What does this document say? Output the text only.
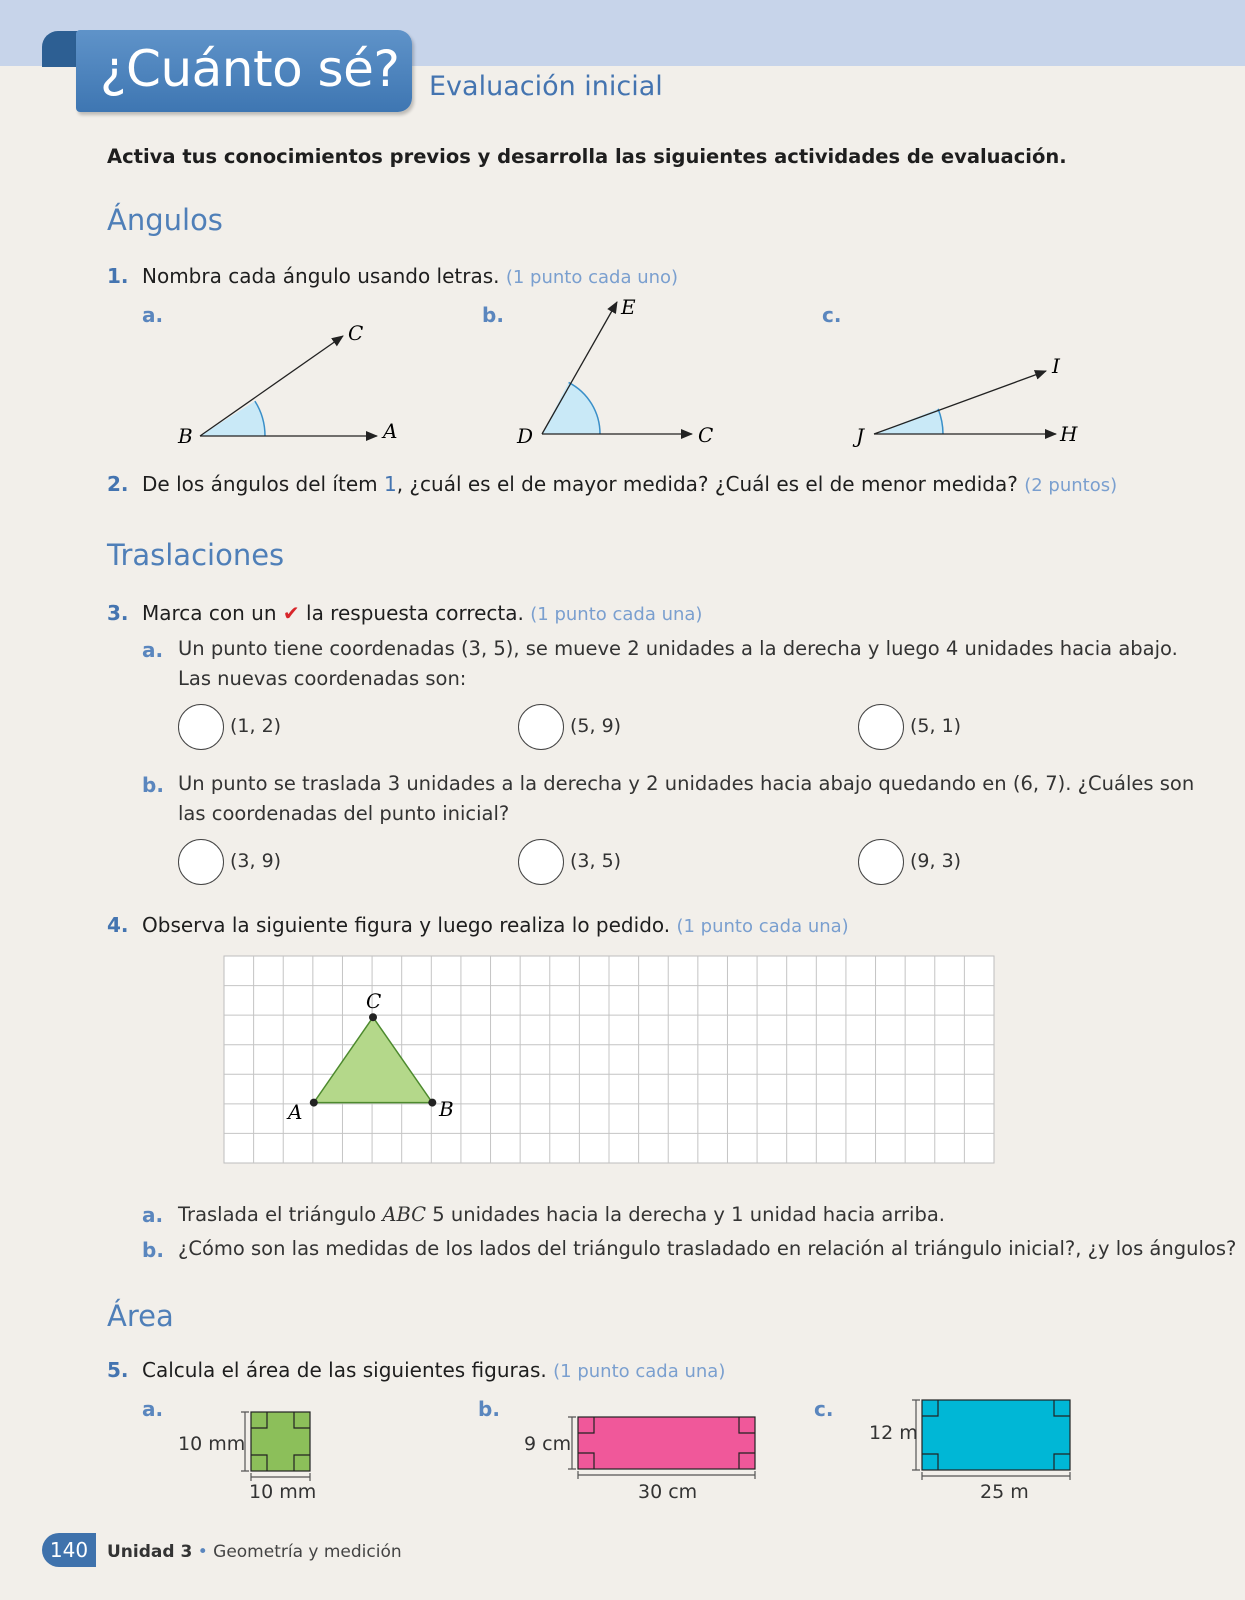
¿Cuánto sé? Evaluación inicial
Activa tus conocimientos previos y desarrolla las siguientes actividades de evaluación.
Ángulos
1. Nombra cada ángulo usando letras. (1 punto cada uno)
a.	b.	c.
B	A
C
D	C
E
J	H
I
2. De los ángulos del ítem 1, ¿cuál es el de mayor medida? ¿Cuál es el de menor medida? (2 puntos)
Traslaciones
3. Marca con un ✔ la respuesta correcta. (1 punto cada una)
a. Un punto tiene coordenadas (3, 5), se mueve 2 unidades a la derecha y luego 4 unidades hacia abajo.
Las nuevas coordenadas son:
(1, 2)	(5, 9)	(5, 1)
b. Un punto se traslada 3 unidades a la derecha y 2 unidades hacia abajo quedando en (6, 7). ¿Cuáles son
las coordenadas del punto inicial?
(3, 9)	(3, 5)	(9, 3)
4. Observa la siguiente figura y luego realiza lo pedido. (1 punto cada una)
A	B
C
a. Traslada el triángulo ABC 5 unidades hacia la derecha y 1 unidad hacia arriba.
b. ¿Cómo son las medidas de los lados del triángulo trasladado en relación al triángulo inicial?, ¿y los ángulos?
Área
5. Calcula el área de las siguientes figuras. (1 punto cada una)
a.	b.	c.
10 mm
10 mm
9 cm
30 cm
12 m
25 m
140	Unidad 3 • Geometría y medición
